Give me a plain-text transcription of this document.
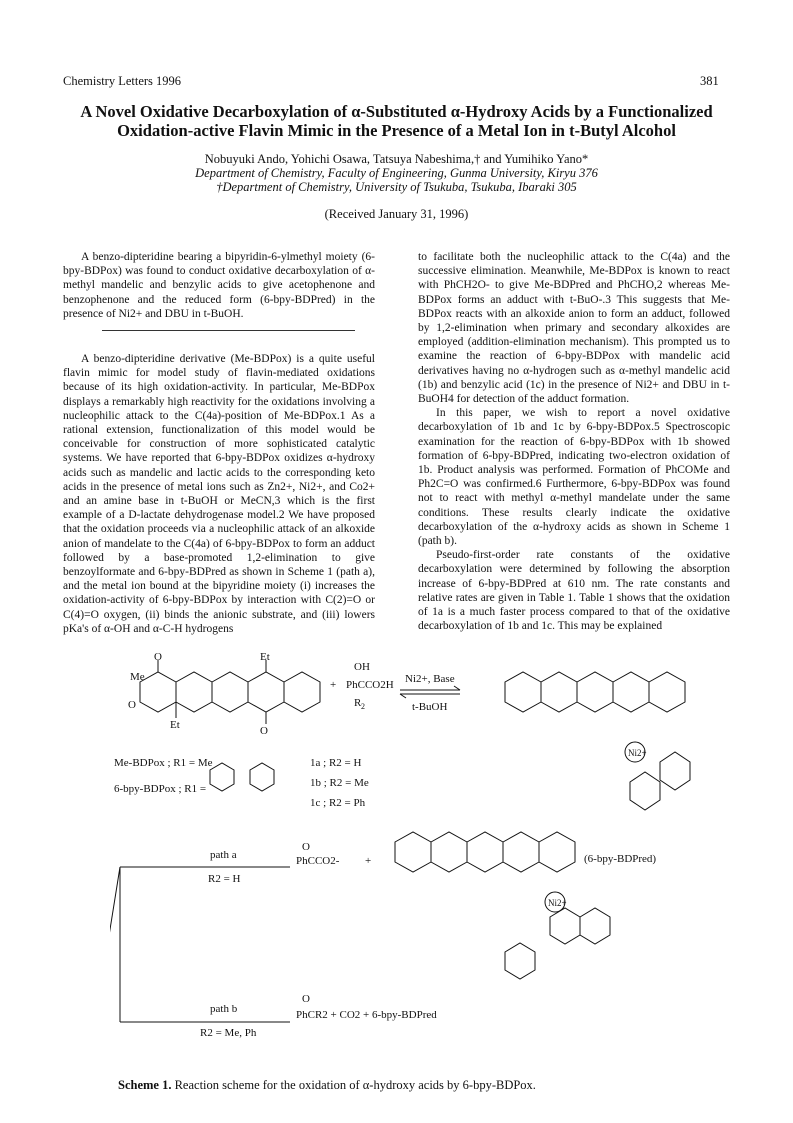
Chemistry Letters 1996	381
A Novel Oxidative Decarboxylation of α-Substituted α-Hydroxy Acids by a Functionalized
Oxidation-active Flavin Mimic in the Presence of a Metal Ion in t-Butyl Alcohol
Nobuyuki Ando, Yohichi Osawa, Tatsuya Nabeshima,† and Yumihiko Yano*
Department of Chemistry, Faculty of Engineering, Gunma University, Kiryu 376
†Department of Chemistry, University of Tsukuba, Tsukuba, Ibaraki 305
(Received January 31, 1996)

A benzo-dipteridine bearing a bipyridin-6-ylmethyl moiety (6-bpy-BDPox) was found to conduct oxidative decarboxylation of α-methyl mandelic and benzylic acids to give acetophenone and benzophenone and the reduced form (6-bpy-BDPred) in the presence of Ni2+ and DBU in t-BuOH.

A benzo-dipteridine derivative (Me-BDPox) is a quite useful flavin mimic for model study of flavin-mediated oxidations because of its high oxidation-activity. In particular, Me-BDPox displays a remarkably high reactivity for the oxidations involving a nucleophilic attack to the C(4a)-position of Me-BDPox.1 As a rational extension, functionalization of this model would be conceivable for construction of more sophisticated catalytic systems. We have reported that 6-bpy-BDPox oxidizes α-hydroxy acids such as mandelic and lactic acids to the corresponding keto acids in the presence of metal ions such as Zn2+, Ni2+, and Co2+ and an amine base in t-BuOH or MeCN,3 which is the first example of a D-lactate dehydrogenase model.2 We have proposed that the oxidation proceeds via a nucleophilic attack of an alkoxide anion of mandelate to the C(4a) of 6-bpy-BDPox to form an adduct followed by a base-promoted 1,2-elimination to give benzoylformate and 6-bpy-BDPred as shown in Scheme 1 (path a), and the metal ion bound at the bipyridine moiety (i) increases the oxidation-activity of 6-bpy-BDPox by interaction with C(2)=O or C(4)=O oxygen, (ii) binds the anionic substrate, and (iii) lowers pKa's of α-OH and α-C-H hydrogens

to facilitate both the nucleophilic attack to the C(4a) and the successive elimination. Meanwhile, Me-BDPox is known to react with PhCH2O- to give Me-BDPred and PhCHO,2 whereas Me-BDPox forms an adduct with t-BuO-.3 This suggests that Me-BDPox reacts with an alkoxide anion to form an adduct, followed by 1,2-elimination when primary and secondary alkoxides are employed (addition-elimination mechanism). This prompted us to examine the reaction of 6-bpy-BDPox with mandelic acid derivatives having no α-hydrogen such as α-methyl mandelic acid (1b) and benzylic acid (1c) in the presence of Ni2+ and DBU in t-BuOH4 for detection of the adduct formation.

In this paper, we wish to report a novel oxidative decarboxylation of 1b and 1c by 6-bpy-BDPox.5 Spectroscopic examination for the reaction of 6-bpy-BDPox with 1b showed formation of 6-bpy-BDPred, indicating two-electron oxidation of 1b. Product analysis was performed. Formation of PhCOMe and Ph2C=O was confirmed.6 Furthermore, 6-bpy-BDPox was found not to react with methyl α-methyl mandelate under the same conditions. These results clearly indicate the oxidative decarboxylation of the α-hydroxy acids as shown in Scheme 1 (path b).

Pseudo-first-order rate constants of the oxidative decarboxylation were determined by following the absorption increase of 6-bpy-BDPred at 610 nm. The rate constants and relative rates are given in Table 1. Table 1 shows that the oxidation of 1a is a much faster process compared to that of the oxidative decarboxylation of 1b and 1c. This may be explained

Me
O	Et
O
Et	O
+
OH
PhCCO2H
R 2
Ni2+, Base
t-BuOH
Me-BDPox ; R1 = Me
6-bpy-BDPox ; R1 =
1a ; R2 = H
1b ; R2 = Me
1c ; R2 = Ph
Ni2+
path a
R2 = H
O
PhCCO2- +	(6-bpy-BDPred)
Ni2+
path b
R2 = Me, Ph
O
PhCR2 + CO2 + 6-bpy-BDPred
Scheme 1. Reaction scheme for the oxidation of α-hydroxy acids by 6-bpy-BDPox.
